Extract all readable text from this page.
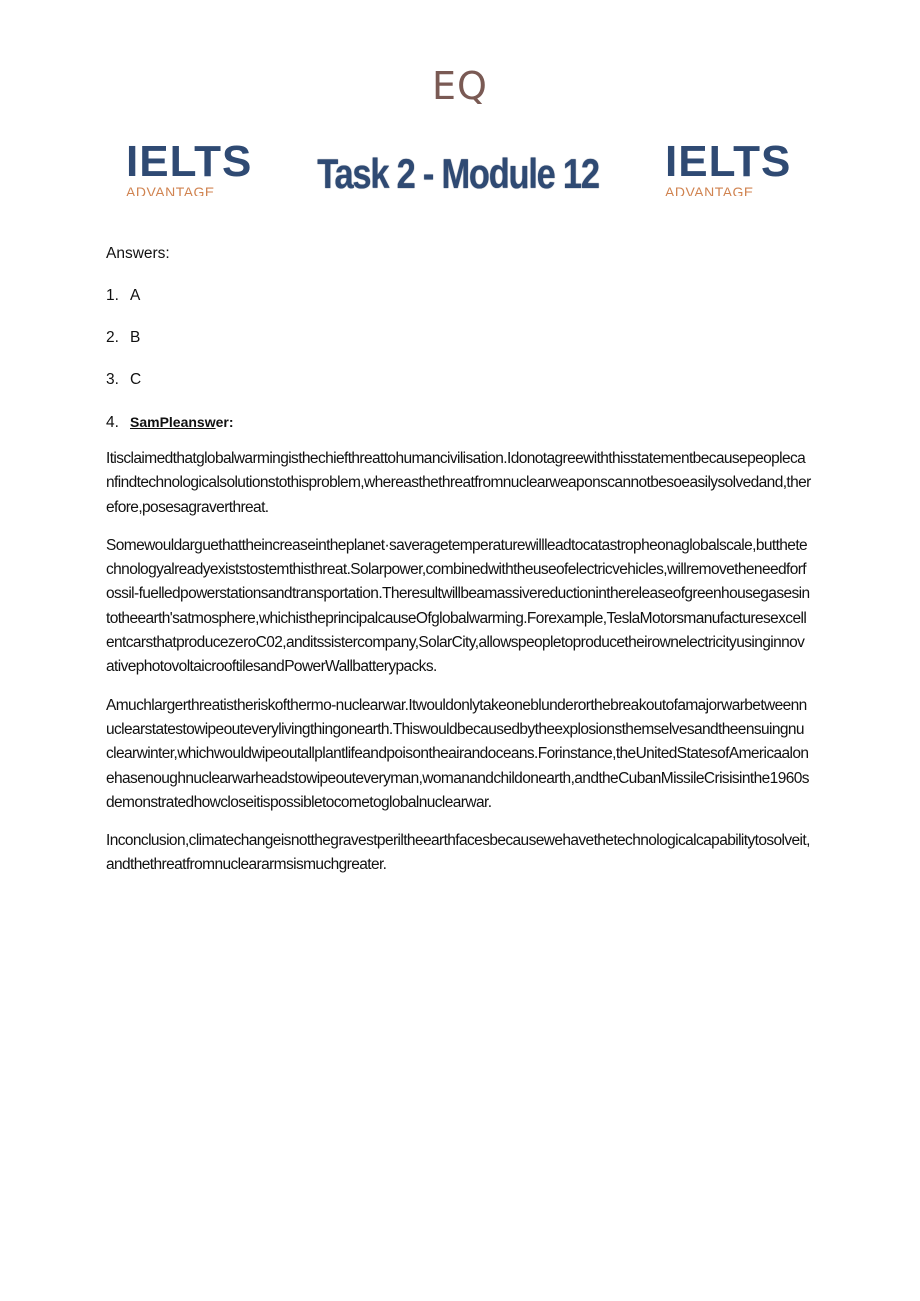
EQ
IELTS
ADVANTAGE	Task 2 - Module 12	IELTS
ADVANTAGE
Answers:
1. A
2. B
3. C
4. SamPleanswer:

Itisclaimedthatglobalwarmingisthechiefthreattohumancivilisation.Idonotagreewiththisstatementbecausepeoplecanfindtechnologicalsolutionstothisproblem,whereasthethreatfromnuclearweaponscannotbesoeasilysolvedand,therefore,posesagraverthreat.

Somewouldarguethattheincreaseintheplanet·saveragetemperaturewillleadtocatastropheonaglobalscale,butthetechnologyalreadyexiststostemthisthreat.Solarpower,combinedwiththeuseofelectricvehicles,willremovetheneedforfossil-fuelledpowerstationsandtransportation.Theresultwillbeamassivereductioninthereleaseofgreenhousegasesintotheearth'satmosphere,whichistheprincipalcauseOfglobalwarming.Forexample,TeslaMotorsmanufacturesexcellentcarsthatproducezeroC02,anditssistercompany,SolarCity,allowspeopletoproducetheirownelectricityusinginnovativephotovoltaicrooftilesandPowerWallbatterypacks.

Amuchlargerthreatistheriskofthermo-nuclearwar.Itwouldonlytakeoneblunderorthebreakoutofamajorwarbetweennuclearstatestowipeouteverylivingthingonearth.Thiswouldbecausedbytheexplosionsthemselvesandtheensuingnuclearwinter,whichwouldwipeoutallplantlifeandpoisontheairandoceans.Forinstance,theUnitedStatesofAmericaalonehasenoughnuclearwarheadstowipeouteveryman,womanandchildonearth,andtheCubanMissileCrisisinthe1960sdemonstratedhowcloseitispossibletocometoglobalnuclearwar.

Inconclusion,climatechangeisnotthegravestperiltheearthfacesbecausewehavethetechnologicalcapabilitytosolveit,andthethreatfromnucleararmsismuchgreater.
